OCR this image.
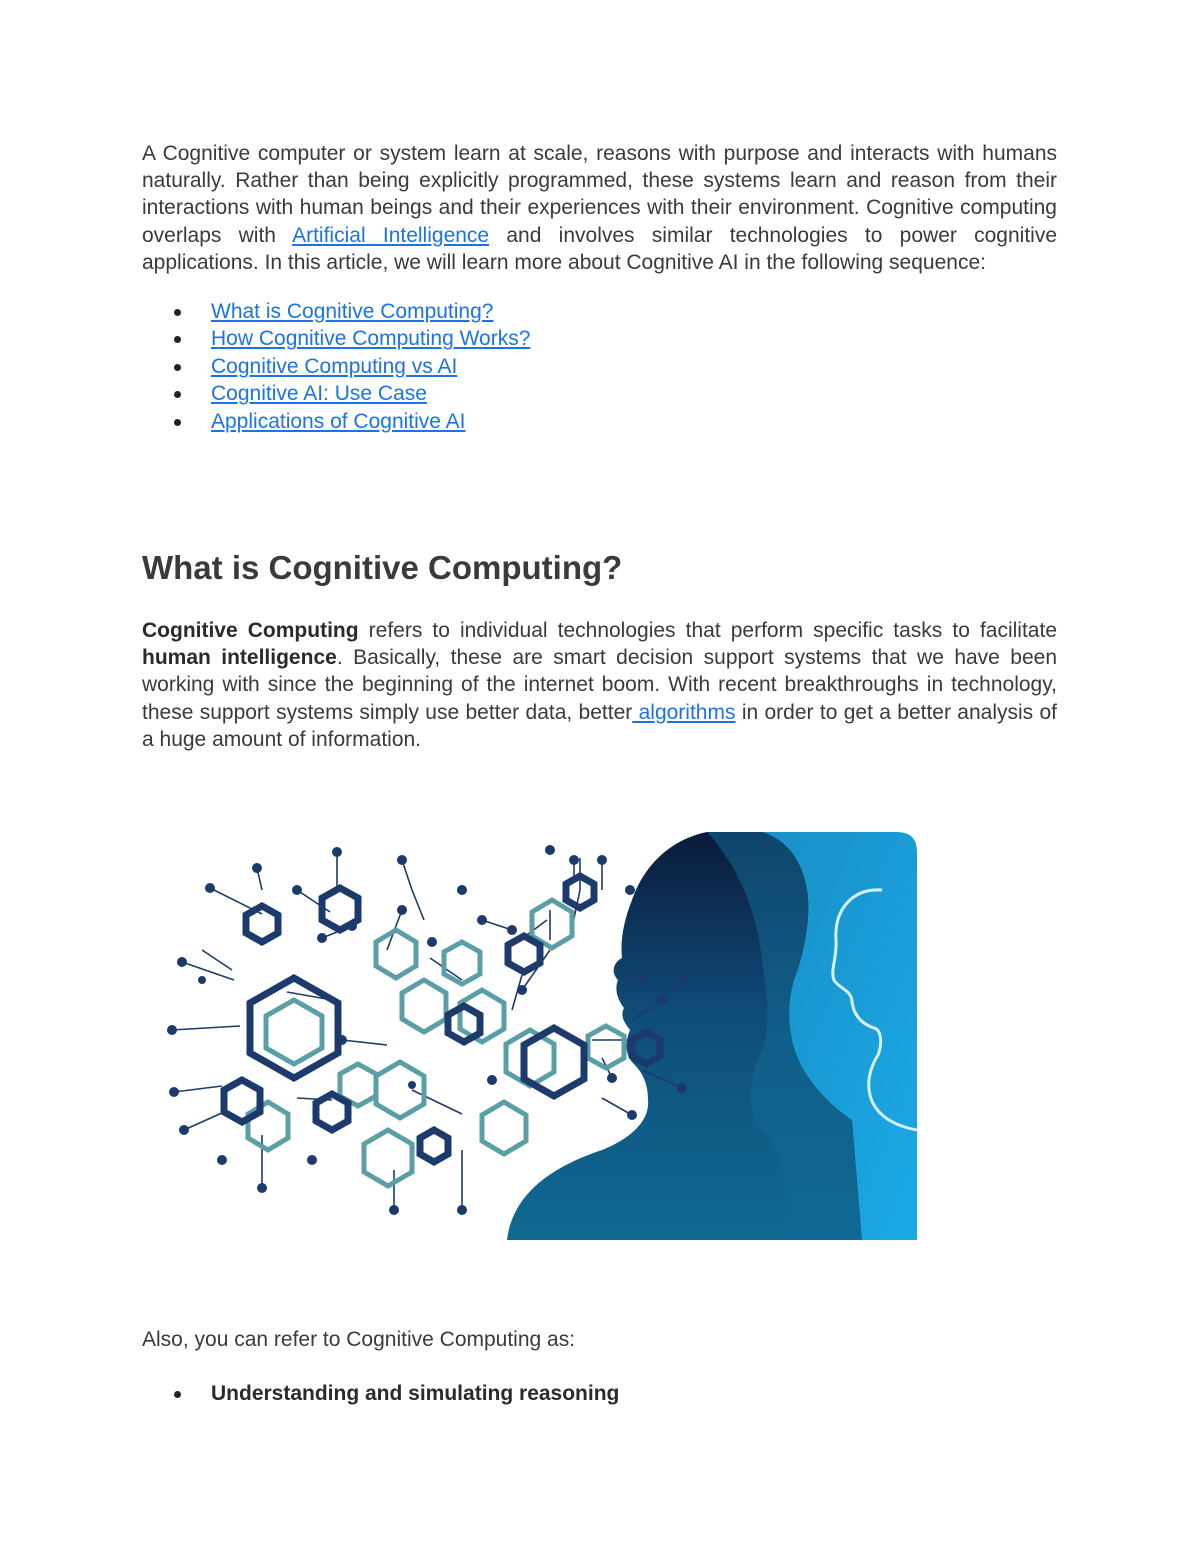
A Cognitive computer or system learn at scale, reasons with purpose and interacts with humans naturally. Rather than being explicitly programmed, these systems learn and reason from their interactions with human beings and their experiences with their environment. Cognitive computing overlaps with Artificial Intelligence and involves similar technologies to power cognitive applications. In this article, we will learn more about Cognitive AI in the following sequence:

What is Cognitive Computing?
How Cognitive Computing Works?
Cognitive Computing vs AI
Cognitive AI: Use Case
Applications of Cognitive AI
What is Cognitive Computing?

Cognitive Computing refers to individual technologies that perform specific tasks to facilitate human intelligence. Basically, these are smart decision support systems that we have been working with since the beginning of the internet boom. With recent breakthroughs in technology, these support systems simply use better data, better algorithms in order to get a better analysis of a huge amount of information.

Also, you can refer to Cognitive Computing as:
Understanding and simulating reasoning
